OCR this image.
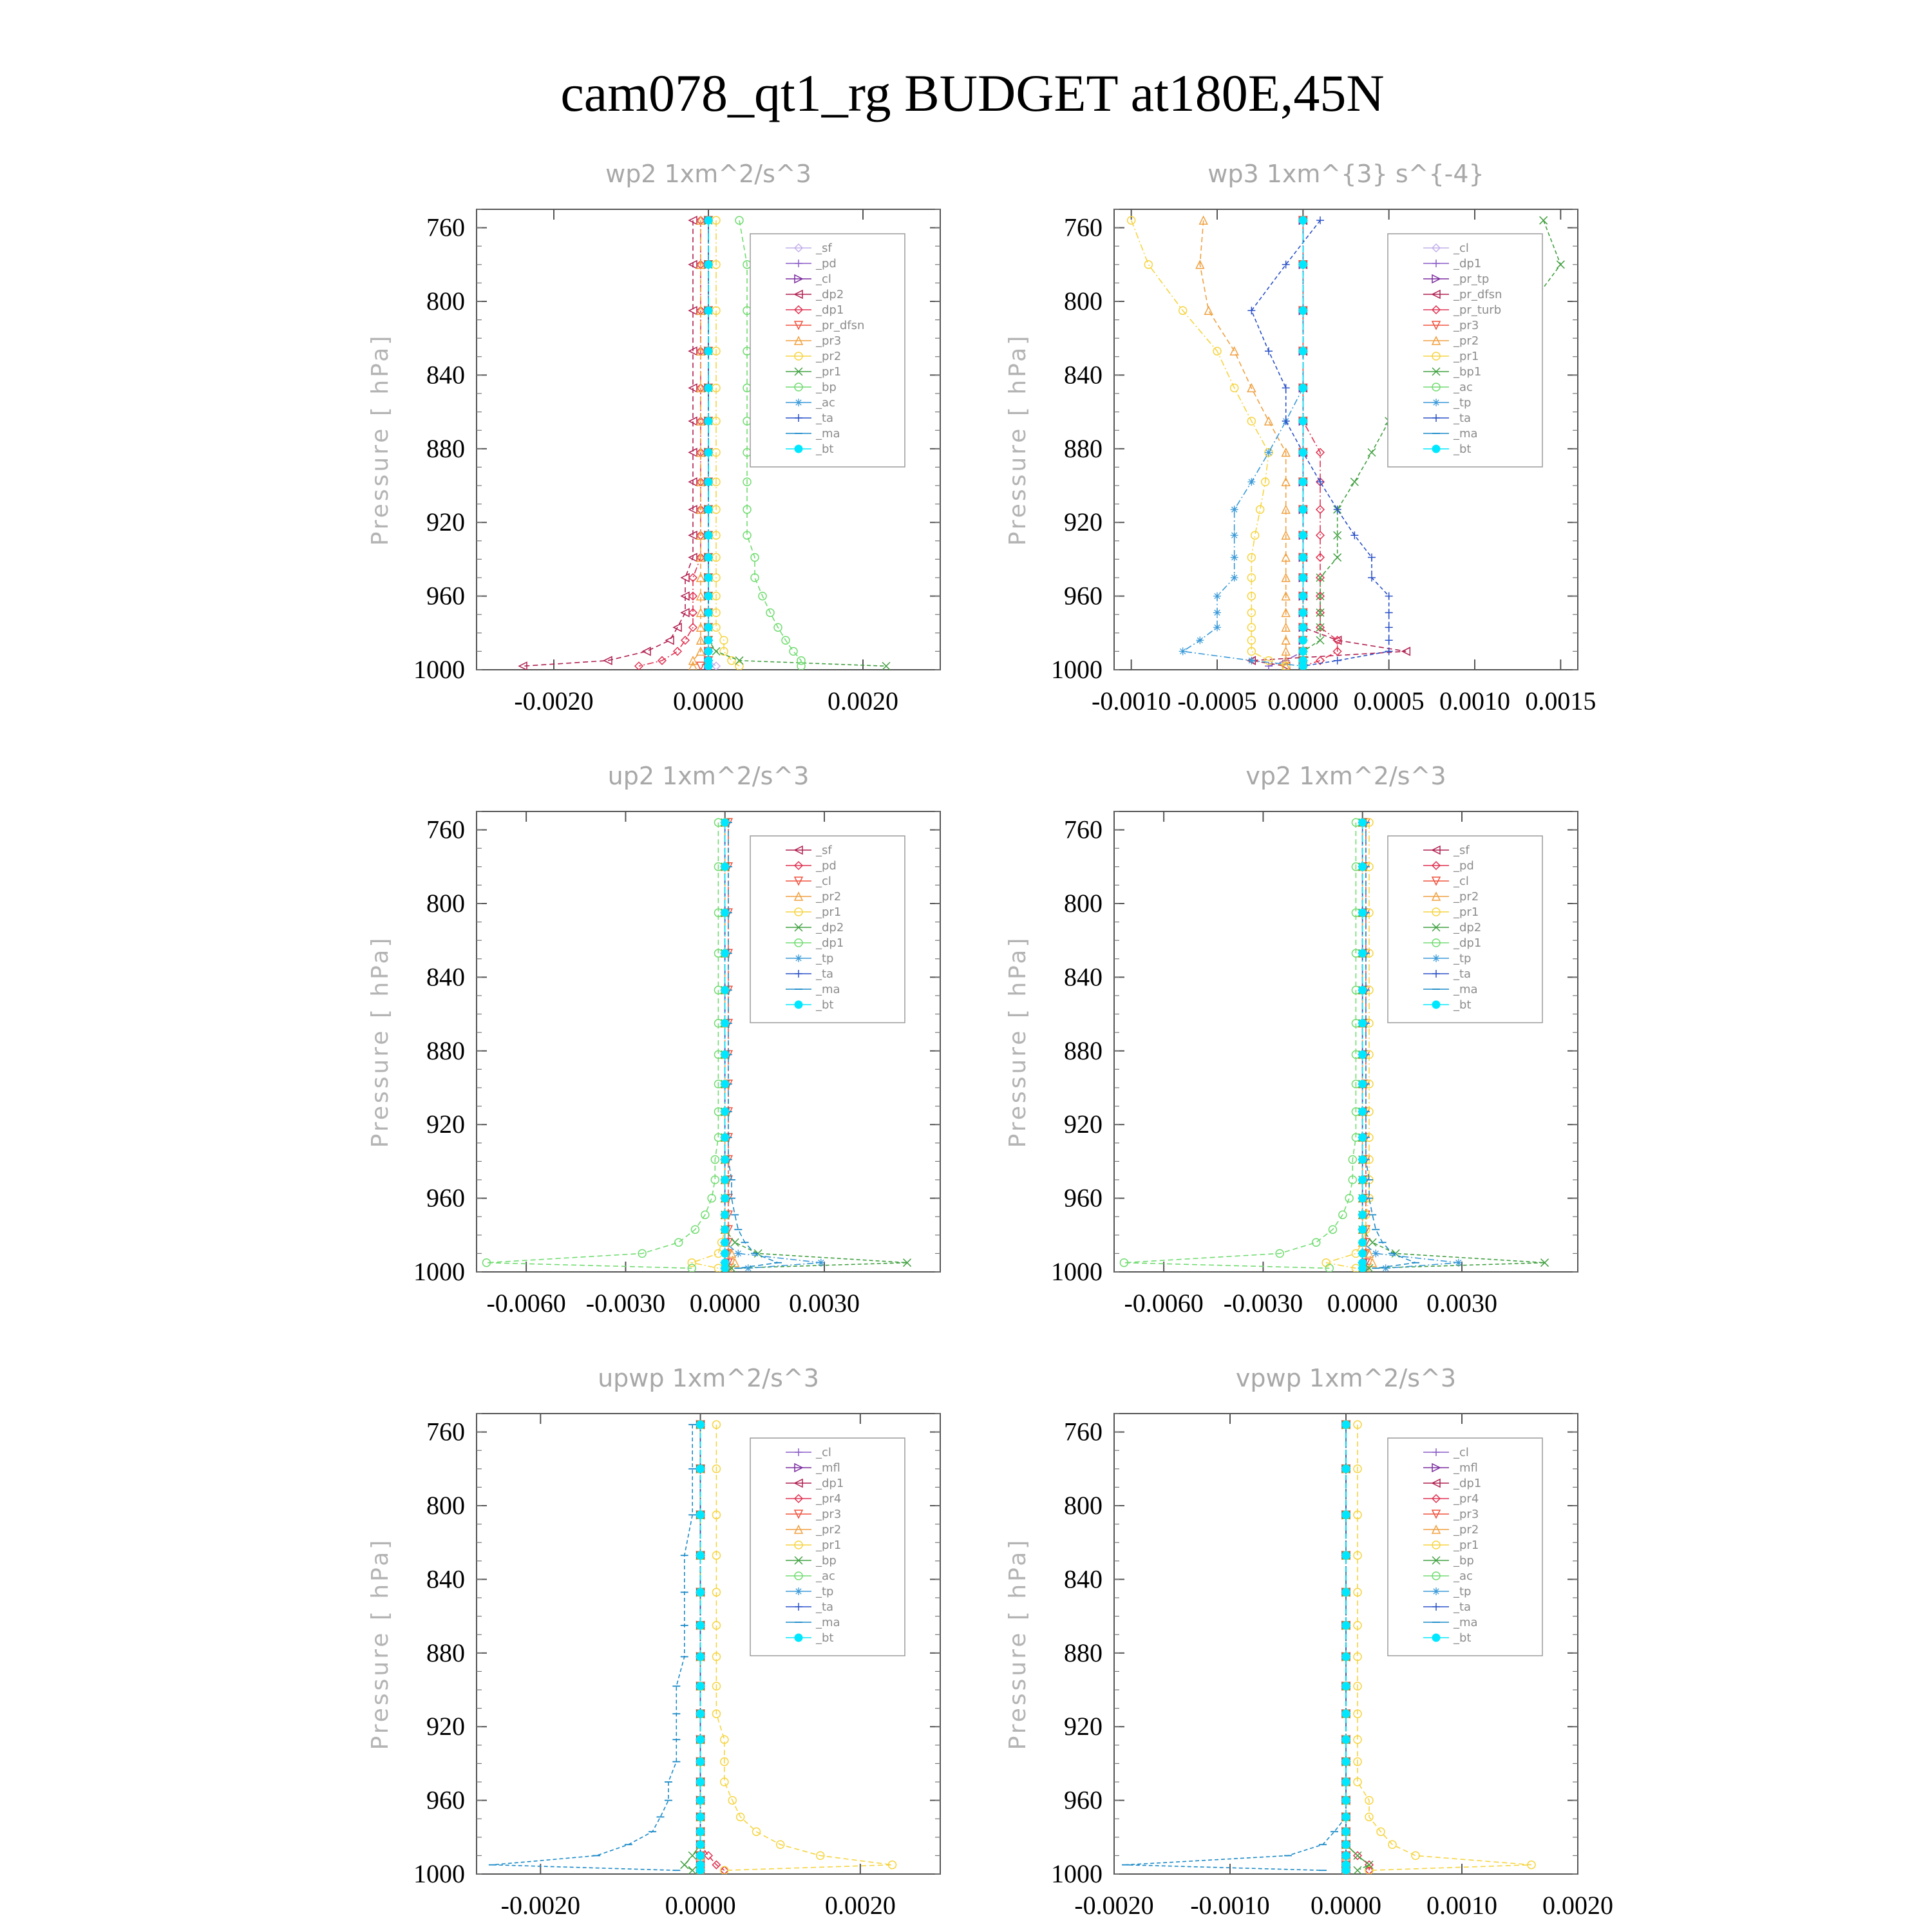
cam078_qt1_rg BUDGET at180E,45N
wp2 1xm^2/s^3
Pressure [ hPa]
760
800
840
880
920
960
1000
-0.0020	0.0000	0.0020
_sf
_pd
_cl
_dp2
_dp1
_pr_dfsn
_pr3
_pr2
_pr1
_bp
_ac
_ta
_ma
_bt
wp3 1xm^{3} s^{-4}
Pressure [ hPa]
760
800
840
880
920
960
1000
-0.0010 -0.0005 0.0000 0.0005 0.0010 0.0015
_cl
_dp1
_pr_tp
_pr_dfsn
_pr_turb
_pr3
_pr2
_pr1
_bp1
_ac
_tp
_ta
_ma
_bt
up2 1xm^2/s^3
Pressure [ hPa]
760
800
840
880
920
960
1000
-0.0060 -0.0030 0.0000 0.0030
_sf
_pd
_cl
_pr2
_pr1
_dp2
_dp1
_tp
_ta
_ma
_bt
vp2 1xm^2/s^3
Pressure [ hPa]
760
800
840
880
920
960
1000
-0.0060 -0.0030 0.0000 0.0030
_sf
_pd
_cl
_pr2
_pr1
_dp2
_dp1
_tp
_ta
_ma
_bt
upwp 1xm^2/s^3
Pressure [ hPa]
760
800
840
880
920
960
1000
-0.0020	0.0000	0.0020
_cl
_mfl
_dp1
_pr4
_pr3
_pr2
_pr1
_bp
_ac
_tp
_ta
_ma
_bt
vpwp 1xm^2/s^3
Pressure [ hPa]
760
800
840
880
920
960
1000
-0.0020 -0.0010 0.0000 0.0010 0.0020
_cl
_mfl
_dp1
_pr4
_pr3
_pr2
_pr1
_bp
_ac
_tp
_ta
_ma
_bt
